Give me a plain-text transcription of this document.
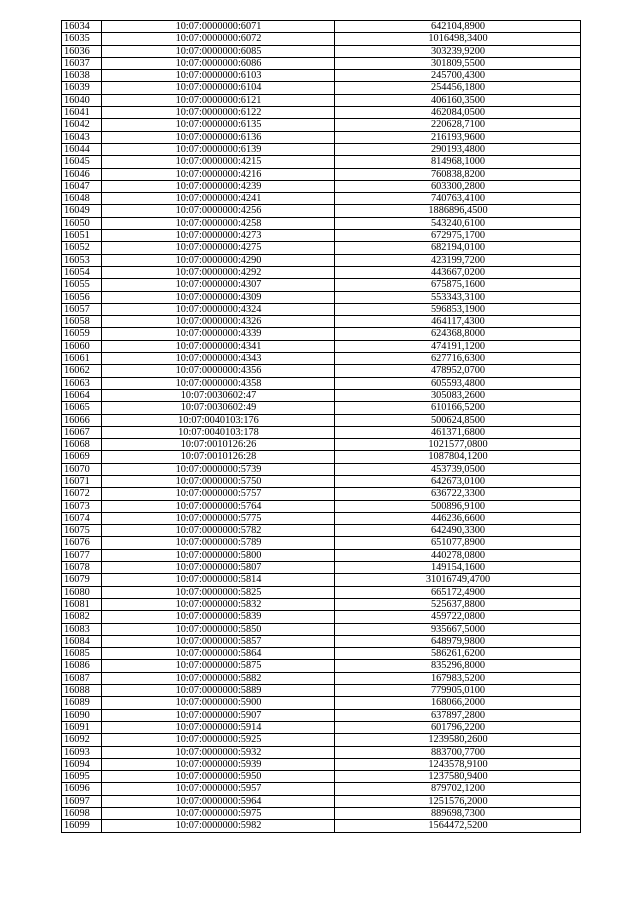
16034	10:07:0000000:6071	642104,8900
16035	10:07:0000000:6072	1016498,3400
16036	10:07:0000000:6085	303239,9200
16037	10:07:0000000:6086	301809,5500
16038	10:07:0000000:6103	245700,4300
16039	10:07:0000000:6104	254456,1800
16040	10:07:0000000:6121	406160,3500
16041	10:07:0000000:6122	462084,0500
16042	10:07:0000000:6135	220628,7100
16043	10:07:0000000:6136	216193,9600
16044	10:07:0000000:6139	290193,4800
16045	10:07:0000000:4215	814968,1000
16046	10:07:0000000:4216	760838,8200
16047	10:07:0000000:4239	603300,2800
16048	10:07:0000000:4241	740763,4100
16049	10:07:0000000:4256	1886896,4500
16050	10:07:0000000:4258	543240,6100
16051	10:07:0000000:4273	672975,1700
16052	10:07:0000000:4275	682194,0100
16053	10:07:0000000:4290	423199,7200
16054	10:07:0000000:4292	443667,0200
16055	10:07:0000000:4307	675875,1600
16056	10:07:0000000:4309	553343,3100
16057	10:07:0000000:4324	596853,1900
16058	10:07:0000000:4326	464117,4300
16059	10:07:0000000:4339	624368,8000
16060	10:07:0000000:4341	474191,1200
16061	10:07:0000000:4343	627716,6300
16062	10:07:0000000:4356	478952,0700
16063	10:07:0000000:4358	605593,4800
16064	10:07:0030602:47	305083,2600
16065	10:07:0030602:49	610166,5200
16066	10:07:0040103:176	500624,8500
16067	10:07:0040103:178	461371,6800
16068	10:07:0010126:26	1021577,0800
16069	10:07:0010126:28	1087804,1200
16070	10:07:0000000:5739	453739,0500
16071	10:07:0000000:5750	642673,0100
16072	10:07:0000000:5757	636722,3300
16073	10:07:0000000:5764	500896,9100
16074	10:07:0000000:5775	446236,6600
16075	10:07:0000000:5782	642490,3300
16076	10:07:0000000:5789	651077,8900
16077	10:07:0000000:5800	440278,0800
16078	10:07:0000000:5807	149154,1600
16079	10:07:0000000:5814	31016749,4700
16080	10:07:0000000:5825	665172,4900
16081	10:07:0000000:5832	525637,8800
16082	10:07:0000000:5839	459722,0800
16083	10:07:0000000:5850	935667,5000
16084	10:07:0000000:5857	648979,9800
16085	10:07:0000000:5864	586261,6200
16086	10:07:0000000:5875	835296,8000
16087	10:07:0000000:5882	167983,5200
16088	10:07:0000000:5889	779905,0100
16089	10:07:0000000:5900	168066,2000
16090	10:07:0000000:5907	637897,2800
16091	10:07:0000000:5914	601796,2200
16092	10:07:0000000:5925	1239580,2600
16093	10:07:0000000:5932	883700,7700
16094	10:07:0000000:5939	1243578,9100
16095	10:07:0000000:5950	1237580,9400
16096	10:07:0000000:5957	879702,1200
16097	10:07:0000000:5964	1251576,2000
16098	10:07:0000000:5975	889698,7300
16099	10:07:0000000:5982	1564472,5200
